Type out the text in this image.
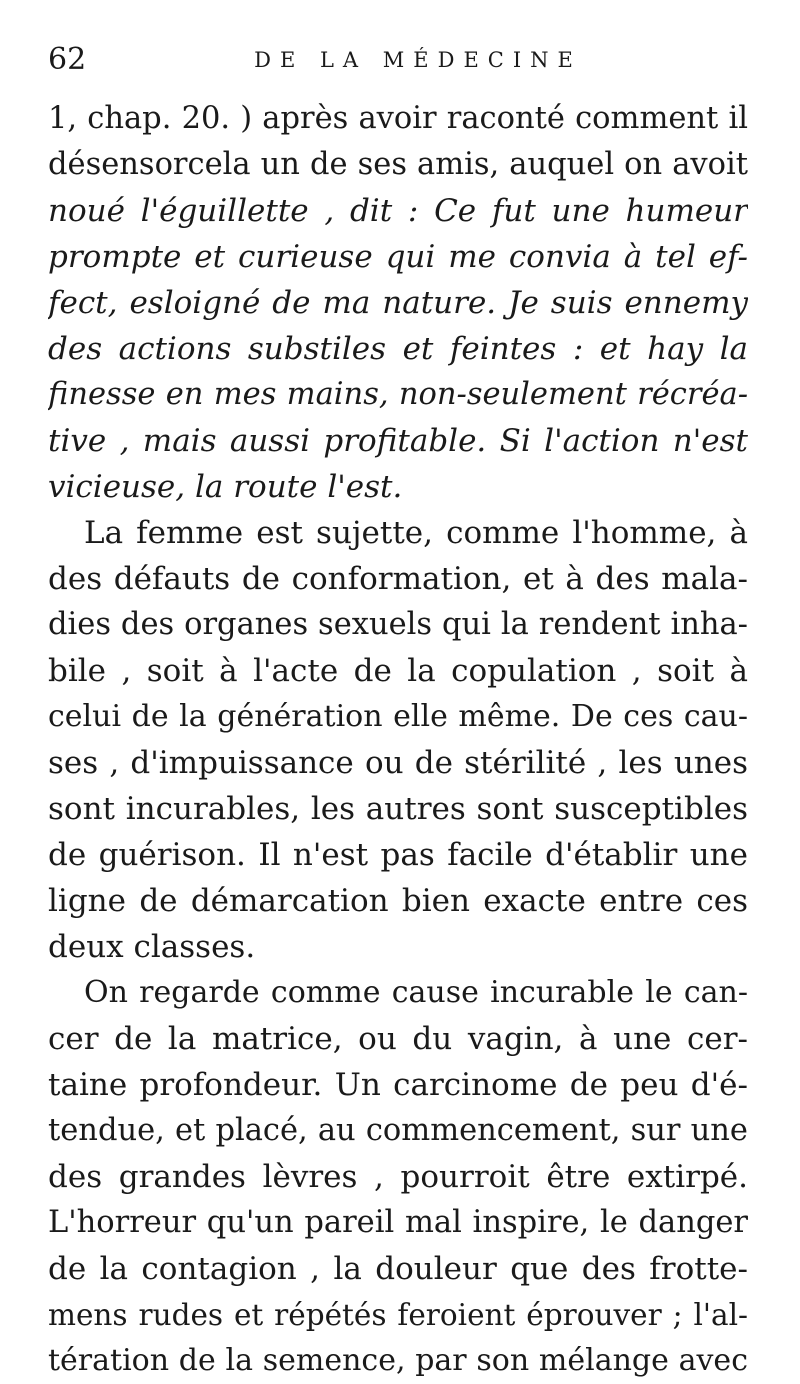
62	DE LA MÉDECINE
1, chap. 20. ) après avoir raconté comment il
désensorcela un de ses amis, auquel on avoit
noué l'éguillette , dit : Ce fut une humeur
prompte et curieuse qui me convia à tel ef-
fect, esloigné de ma nature. Je suis ennemy
des actions substiles et feintes : et hay la
finesse en mes mains, non-seulement récréa-
tive , mais aussi profitable. Si l'action n'est
vicieuse, la route l'est.
La femme est sujette, comme l'homme, à
des défauts de conformation, et à des mala-
dies des organes sexuels qui la rendent inha-
bile , soit à l'acte de la copulation , soit à
celui de la génération elle même. De ces cau-
ses , d'impuissance ou de stérilité , les unes
sont incurables, les autres sont susceptibles
de guérison. Il n'est pas facile d'établir une
ligne de démarcation bien exacte entre ces
deux classes.
On regarde comme cause incurable le can-
cer de la matrice, ou du vagin, à une cer-
taine profondeur. Un carcinome de peu d'é-
tendue, et placé, au commencement, sur une
des grandes lèvres , pourroit être extirpé.
L'horreur qu'un pareil mal inspire, le danger
de la contagion , la douleur que des frotte-
mens rudes et répétés feroient éprouver ; l'al-
tération de la semence, par son mélange avec
